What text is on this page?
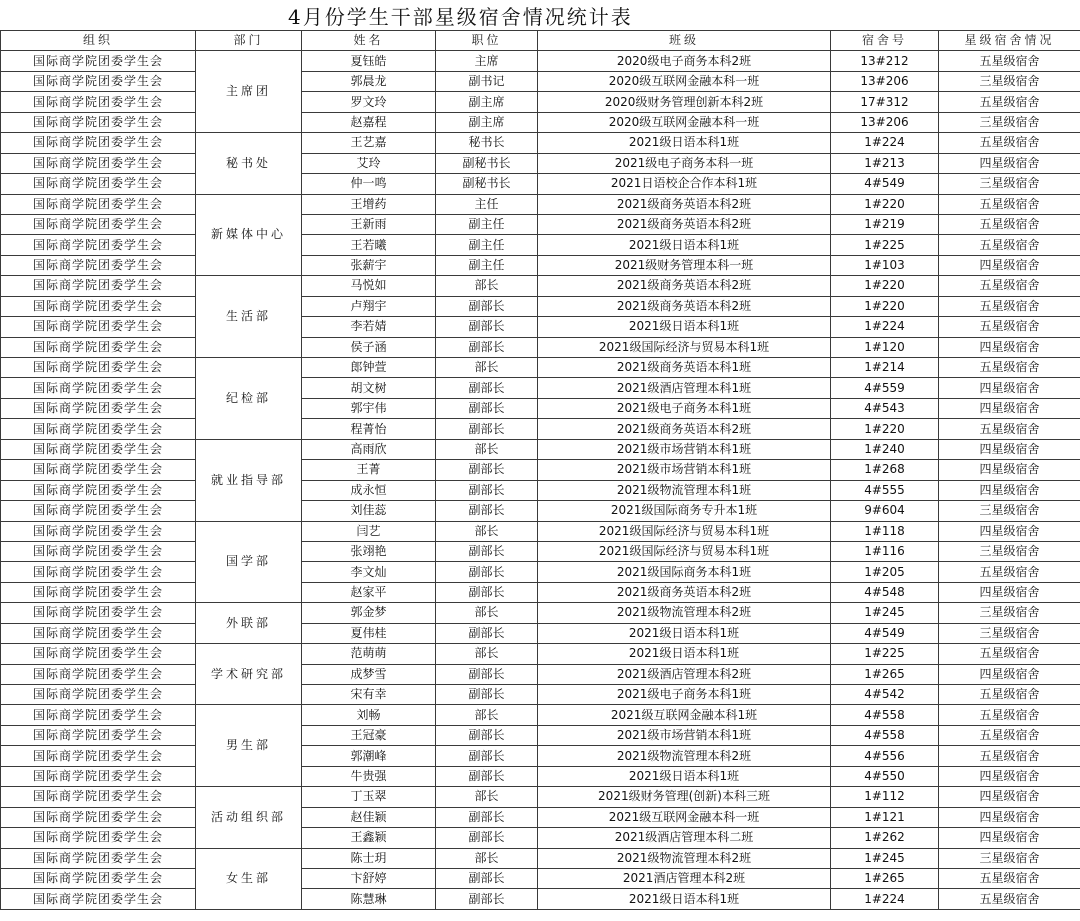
4月份学生干部星级宿舍情况统计表
组织	部门	姓名	职位	班级	宿舍号	星级宿舍情况
国际商学院团委学生会	主席团	夏钰皓	主席	2020级电子商务本科2班	13#212	五星级宿舍
国际商学院团委学生会		郭晨龙	副书记	2020级互联网金融本科一班	13#206	三星级宿舍
国际商学院团委学生会		罗文玲	副主席	2020级财务管理创新本科2班	17#312	五星级宿舍
国际商学院团委学生会		赵嘉程	副主席	2020级互联网金融本科一班	13#206	三星级宿舍
国际商学院团委学生会	秘书处	王艺嘉	秘书长	2021级日语本科1班	1#224	五星级宿舍
国际商学院团委学生会		艾玲	副秘书长	2021级电子商务本科一班	1#213	四星级宿舍
国际商学院团委学生会		仲一鸣	副秘书长	2021日语校企合作本科1班	4#549	三星级宿舍
国际商学院团委学生会	新媒体中心	王增药	主任	2021级商务英语本科2班	1#220	五星级宿舍
国际商学院团委学生会		王新雨	副主任	2021级商务英语本科2班	1#219	五星级宿舍
国际商学院团委学生会		王若曦	副主任	2021级日语本科1班	1#225	五星级宿舍
国际商学院团委学生会		张薪宇	副主任	2021级财务管理本科一班	1#103	四星级宿舍
国际商学院团委学生会	生活部	马悦如	部长	2021级商务英语本科2班	1#220	五星级宿舍
国际商学院团委学生会		卢翔宇	副部长	2021级商务英语本科2班	1#220	五星级宿舍
国际商学院团委学生会		李若婧	副部长	2021级日语本科1班	1#224	五星级宿舍
国际商学院团委学生会		侯子涵	副部长	2021级国际经济与贸易本科1班	1#120	四星级宿舍
国际商学院团委学生会	纪检部	郎钟萱	部长	2021级商务英语本科1班	1#214	五星级宿舍
国际商学院团委学生会		胡文树	副部长	2021级酒店管理本科1班	4#559	四星级宿舍
国际商学院团委学生会		郭宇伟	副部长	2021级电子商务本科1班	4#543	四星级宿舍
国际商学院团委学生会		程菁怡	副部长	2021级商务英语本科2班	1#220	五星级宿舍
国际商学院团委学生会	就业指导部	高雨欣	部长	2021级市场营销本科1班	1#240	四星级宿舍
国际商学院团委学生会		王菁	副部长	2021级市场营销本科1班	1#268	四星级宿舍
国际商学院团委学生会		成永恒	副部长	2021级物流管理本科1班	4#555	四星级宿舍
国际商学院团委学生会		刘佳蕊	副部长	2021级国际商务专升本1班	9#604	三星级宿舍
国际商学院团委学生会	国学部	闫艺	部长	2021级国际经济与贸易本科1班	1#118	四星级宿舍
国际商学院团委学生会		张翊艳	副部长	2021级国际经济与贸易本科1班	1#116	三星级宿舍
国际商学院团委学生会		李文灿	副部长	2021级国际商务本科1班	1#205	五星级宿舍
国际商学院团委学生会		赵家平	副部长	2021级商务英语本科2班	4#548	四星级宿舍
国际商学院团委学生会	外联部	郭金梦	部长	2021级物流管理本科2班	1#245	三星级宿舍
国际商学院团委学生会		夏伟桂	副部长	2021级日语本科1班	4#549	三星级宿舍
国际商学院团委学生会	学术研究部	范萌萌	部长	2021级日语本科1班	1#225	五星级宿舍
国际商学院团委学生会		成梦雪	副部长	2021级酒店管理本科2班	1#265	四星级宿舍
国际商学院团委学生会		宋有幸	副部长	2021级电子商务本科1班	4#542	五星级宿舍
国际商学院团委学生会	男生部	刘畅	部长	2021级互联网金融本科1班	4#558	五星级宿舍
国际商学院团委学生会		王冠豪	副部长	2021级市场营销本科1班	4#558	五星级宿舍
国际商学院团委学生会		郭潮峰	副部长	2021级物流管理本科2班	4#556	五星级宿舍
国际商学院团委学生会		牛贵强	副部长	2021级日语本科1班	4#550	四星级宿舍
国际商学院团委学生会	活动组织部	丁玉翠	部长	2021级财务管理(创新)本科三班	1#112	四星级宿舍
国际商学院团委学生会		赵佳颖	副部长	2021级互联网金融本科一班	1#121	四星级宿舍
国际商学院团委学生会		王鑫颖	副部长	2021级酒店管理本科二班	1#262	四星级宿舍
国际商学院团委学生会	女生部	陈士玥	部长	2021级物流管理本科2班	1#245	三星级宿舍
国际商学院团委学生会		卞舒婷	副部长	2021酒店管理本科2班	1#265	五星级宿舍
国际商学院团委学生会		陈慧琳	副部长	2021级日语本科1班	1#224	五星级宿舍
